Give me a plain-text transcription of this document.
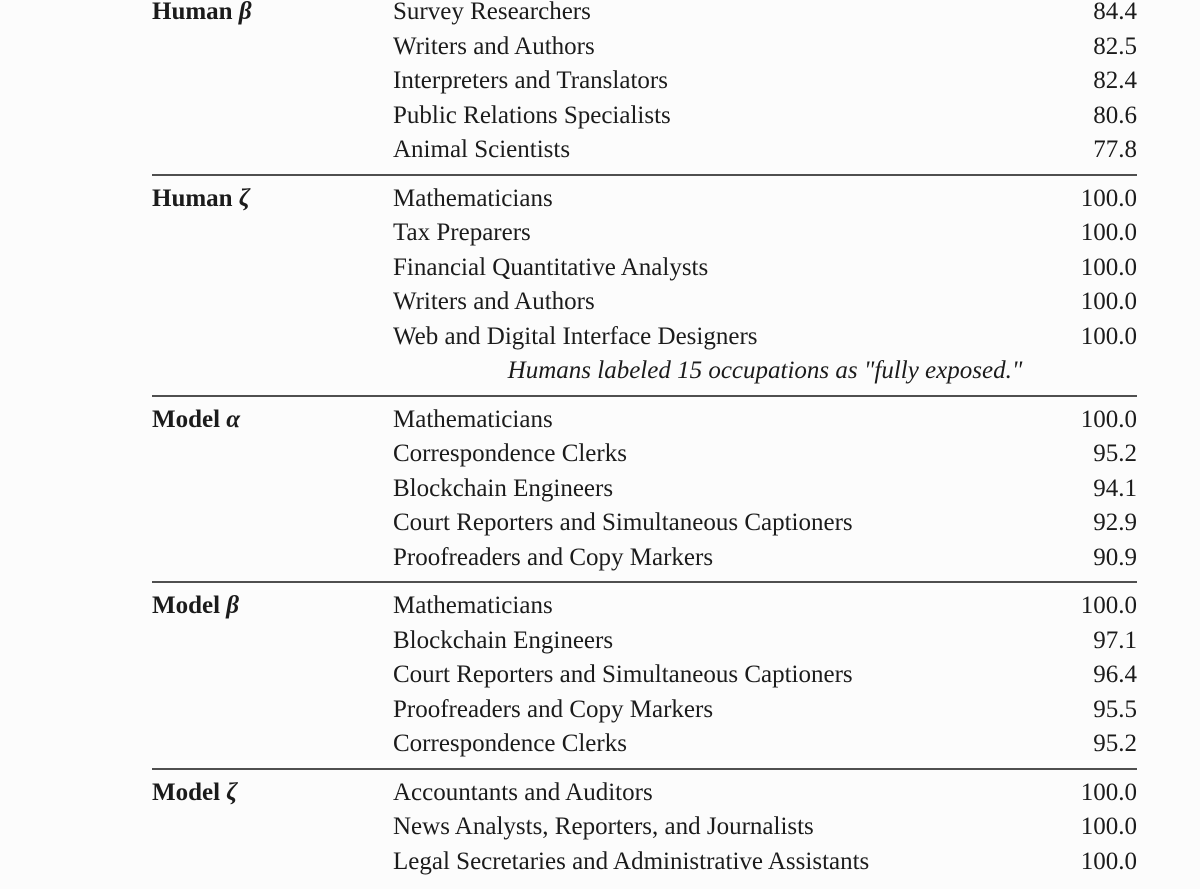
Human β	Survey Researchers	84.4
	Writers and Authors	82.5
	Interpreters and Translators	82.4
	Public Relations Specialists	80.6
	Animal Scientists	77.8
Human ζ	Mathematicians	100.0
	Tax Preparers	100.0
	Financial Quantitative Analysts	100.0
	Writers and Authors	100.0
	Web and Digital Interface Designers	100.0
	Humans labeled 15 occupations as "fully exposed."	
Model α	Mathematicians	100.0
	Correspondence Clerks	95.2
	Blockchain Engineers	94.1
	Court Reporters and Simultaneous Captioners	92.9
	Proofreaders and Copy Markers	90.9
Model β	Mathematicians	100.0
	Blockchain Engineers	97.1
	Court Reporters and Simultaneous Captioners	96.4
	Proofreaders and Copy Markers	95.5
	Correspondence Clerks	95.2
Model ζ	Accountants and Auditors	100.0
	News Analysts, Reporters, and Journalists	100.0
	Legal Secretaries and Administrative Assistants	100.0
